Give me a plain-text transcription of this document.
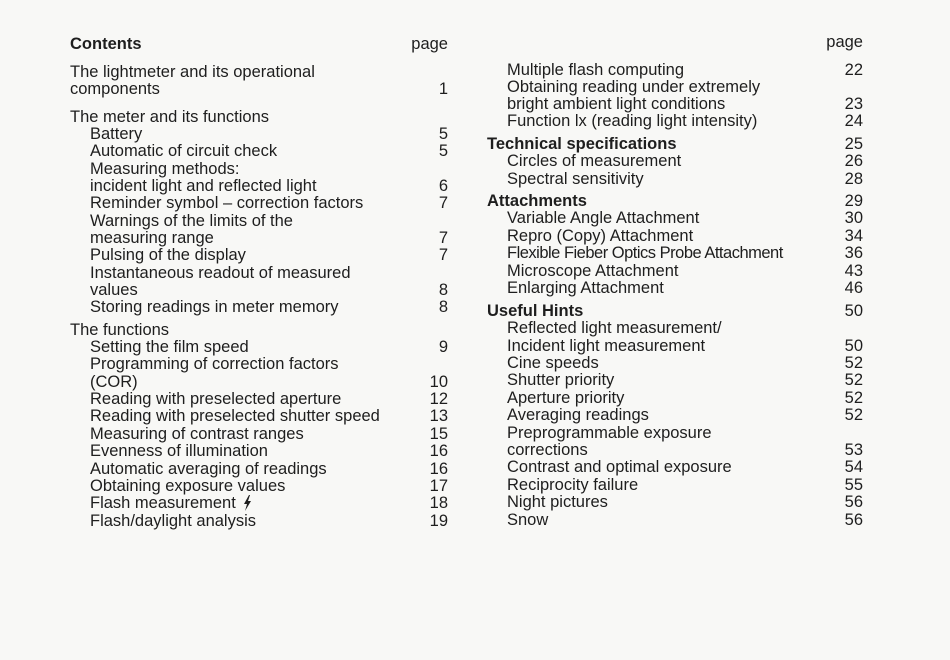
Contents	page
The lightmeter and its operational
components	1
The meter and its functions
Battery	5
Automatic of circuit check	5
Measuring methods:
incident light and reflected light	6
Reminder symbol – correction factors	7
Warnings of the limits of the
measuring range	7
Pulsing of the display	7
Instantaneous readout of measured
values	8
Storing readings in meter memory	8
The functions
Setting the film speed	9
Programming of correction factors
(COR)	10
Reading with preselected aperture	12
Reading with preselected shutter speed	13
Measuring of contrast ranges	15
Evenness of illumination	16
Automatic averaging of readings	16
Obtaining exposure values	17
Flash measurement	18
Flash/daylight analysis	19
page
Multiple flash computing	22
Obtaining reading under extremely
bright ambient light conditions	23
Function lx (reading light intensity)	24
Technical specifications	25
Circles of measurement	26
Spectral sensitivity	28
Attachments	29
Variable Angle Attachment	30
Repro (Copy) Attachment	34
Flexible Fieber Optics Probe Attachment	36
Microscope Attachment	43
Enlarging Attachment	46
Useful Hints	50
Reflected light measurement/
Incident light measurement	50
Cine speeds	52
Shutter priority	52
Aperture priority	52
Averaging readings	52
Preprogrammable exposure
corrections	53
Contrast and optimal exposure	54
Reciprocity failure	55
Night pictures	56
Snow	56
